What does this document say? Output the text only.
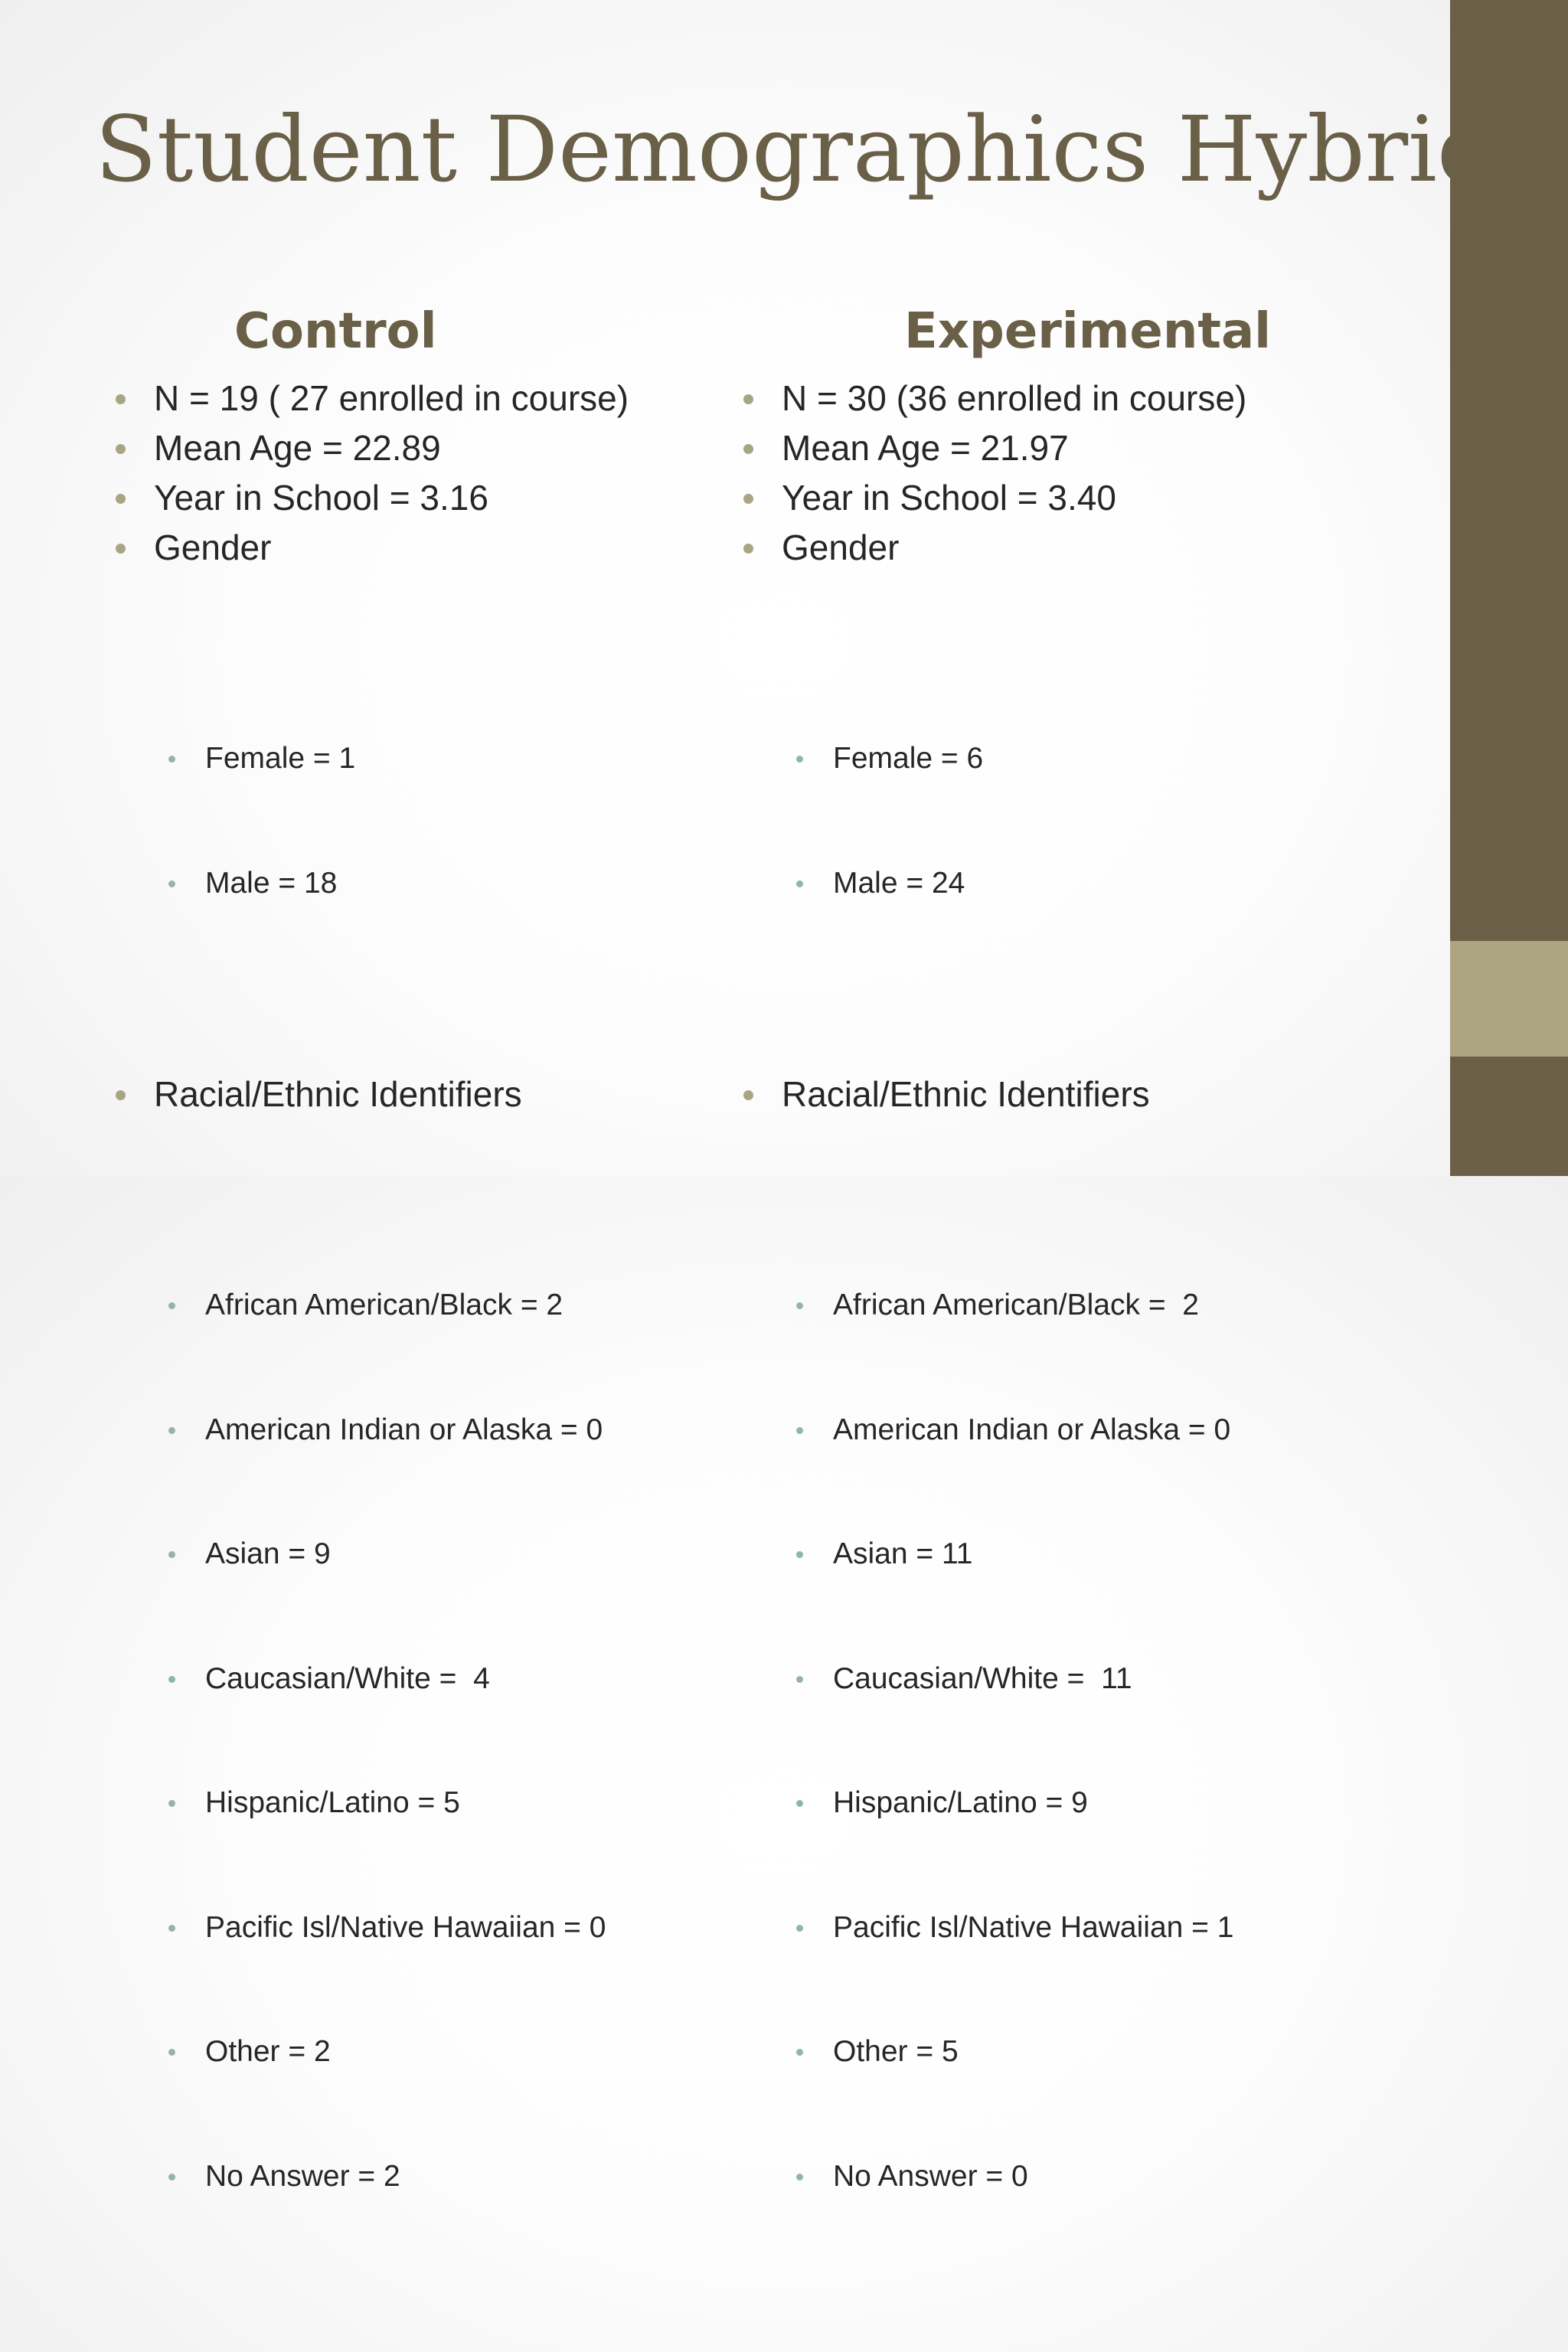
Student Demographics Hybrid
Control
N = 19 ( 27 enrolled in course)
Mean Age = 22.89
Year in School = 3.16
Gender

Female = 1

Male = 18

Racial/Ethnic Identifiers

African American/Black = 2

American Indian or Alaska = 0

Asian = 9

Caucasian/White =  4

Hispanic/Latino = 5

Pacific Isl/Native Hawaiian = 0

Other = 2

No Answer = 2

Experimental
N = 30 (36 enrolled in course)
Mean Age = 21.97
Year in School = 3.40
Gender

Female = 6

Male = 24

Racial/Ethnic Identifiers

African American/Black =  2

American Indian or Alaska = 0

Asian = 11

Caucasian/White =  11

Hispanic/Latino = 9

Pacific Isl/Native Hawaiian = 1

Other = 5

No Answer = 0
